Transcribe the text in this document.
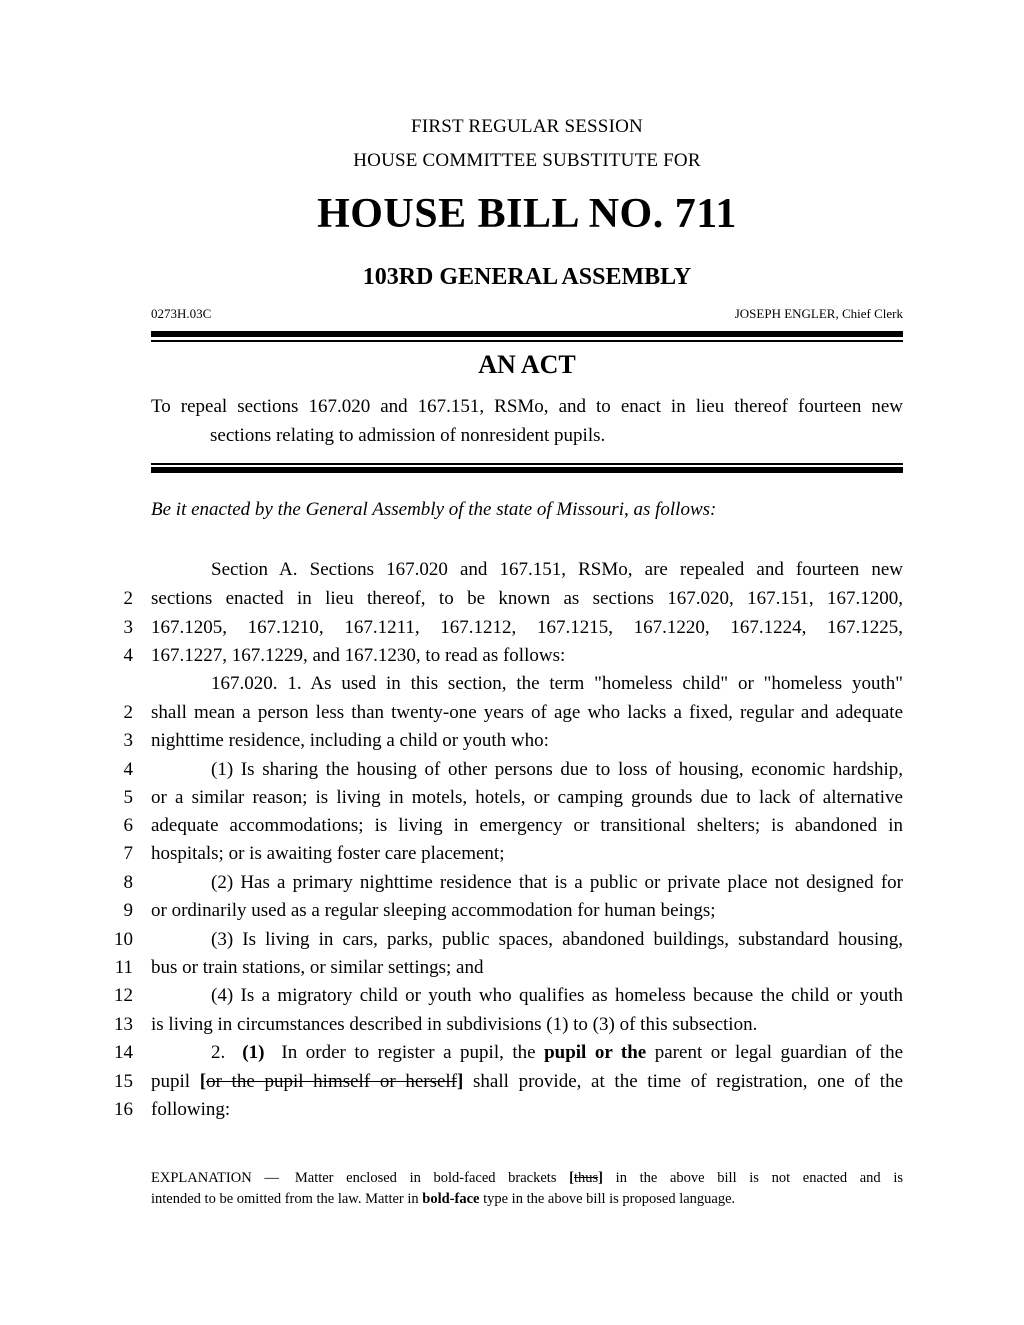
FIRST REGULAR SESSION
HOUSE COMMITTEE SUBSTITUTE FOR
HOUSE BILL NO. 711
103RD GENERAL ASSEMBLY
0273H.03C	JOSEPH ENGLER, Chief Clerk
AN ACT
To repeal sections 167.020 and 167.151, RSMo, and to enact in lieu thereof fourteen new
sections relating to admission of nonresident pupils.
Be it enacted by the General Assembly of the state of Missouri, as follows:
Section A. Sections 167.020 and 167.151, RSMo, are repealed and fourteen new
2 sections enacted in lieu thereof, to be known as sections 167.020, 167.151, 167.1200,
3 167.1205, 167.1210, 167.1211, 167.1212, 167.1215, 167.1220, 167.1224, 167.1225,
4 167.1227, 167.1229, and 167.1230, to read as follows:
167.020. 1. As used in this section, the term "homeless child" or "homeless youth"
2 shall mean a person less than twenty-one years of age who lacks a fixed, regular and adequate
3 nighttime residence, including a child or youth who:
4	(1) Is sharing the housing of other persons due to loss of housing, economic hardship,
5 or a similar reason; is living in motels, hotels, or camping grounds due to lack of alternative
6 adequate accommodations; is living in emergency or transitional shelters; is abandoned in
7 hospitals; or is awaiting foster care placement;
8	(2) Has a primary nighttime residence that is a public or private place not designed for
9 or ordinarily used as a regular sleeping accommodation for human beings;
10	(3) Is living in cars, parks, public spaces, abandoned buildings, substandard housing,
11 bus or train stations, or similar settings; and
12	(4) Is a migratory child or youth who qualifies as homeless because the child or youth
13 is living in circumstances described in subdivisions (1) to (3) of this subsection.
14	2.  (1)  In order to register a pupil, the pupil or the parent or legal guardian of the
15 pupil [or the pupil himself or herself] shall provide, at the time of registration, one of the
16 following:
EXPLANATION — Matter enclosed in bold-faced brackets [thus] in the above bill is not enacted and is
intended to be omitted from the law. Matter in bold-face type in the above bill is proposed language.
